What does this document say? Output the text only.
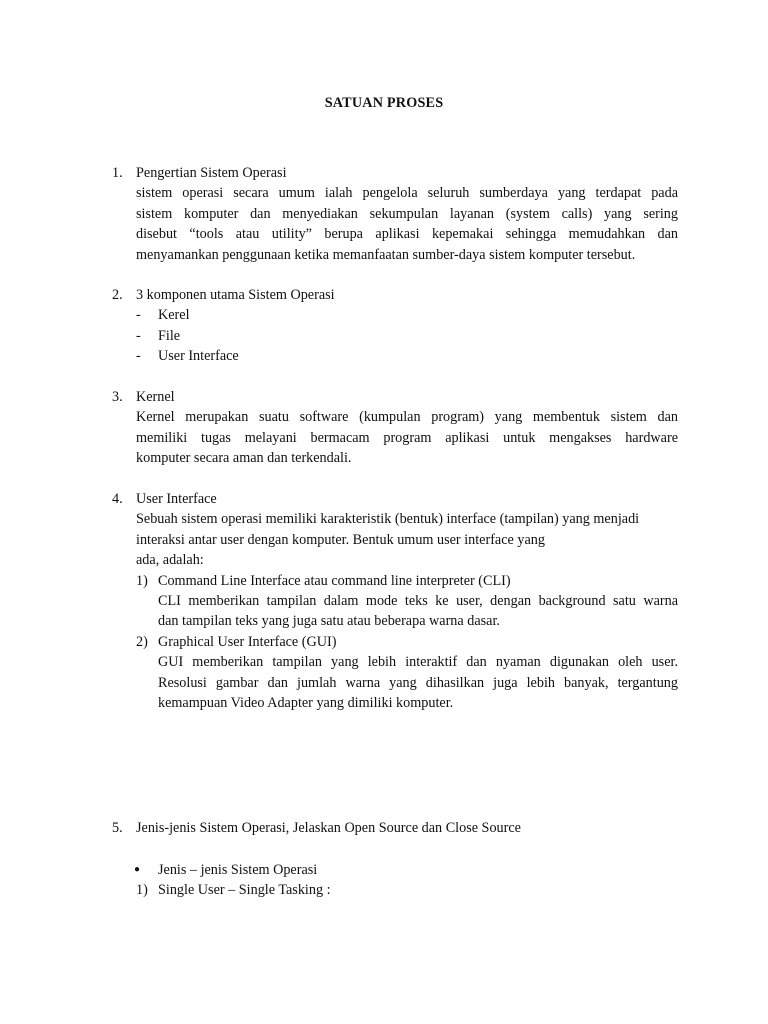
SATUAN PROSES
1. Pengertian Sistem Operasi
sistem operasi secara umum ialah pengelola seluruh sumberdaya yang terdapat pada
sistem komputer dan menyediakan sekumpulan layanan (system calls) yang sering
disebut “tools atau utility” berupa aplikasi kepemakai sehingga memudahkan dan
menyamankan penggunaan ketika memanfaatan sumber-daya sistem komputer tersebut.
2. 3 komponen utama Sistem Operasi
- Kerel
- File
- User Interface
3. Kernel
Kernel merupakan suatu software (kumpulan program) yang membentuk sistem dan
memiliki tugas melayani bermacam program aplikasi untuk mengakses hardware
komputer secara aman dan terkendali.
4. User Interface
Sebuah sistem operasi memiliki karakteristik (bentuk) interface (tampilan) yang menjadi
interaksi antar user dengan komputer. Bentuk umum user interface yang
ada, adalah:
1) Command Line Interface atau command line interpreter (CLI)
CLI memberikan tampilan dalam mode teks ke user, dengan background satu warna
dan tampilan teks yang juga satu atau beberapa warna dasar.
2) Graphical User Interface (GUI)
GUI memberikan tampilan yang lebih interaktif dan nyaman digunakan oleh user.
Resolusi gambar dan jumlah warna yang dihasilkan juga lebih banyak, tergantung
kemampuan Video Adapter yang dimiliki komputer.
5. Jenis-jenis Sistem Operasi, Jelaskan Open Source dan Close Source
● Jenis – jenis Sistem Operasi
1) Single User – Single Tasking :
